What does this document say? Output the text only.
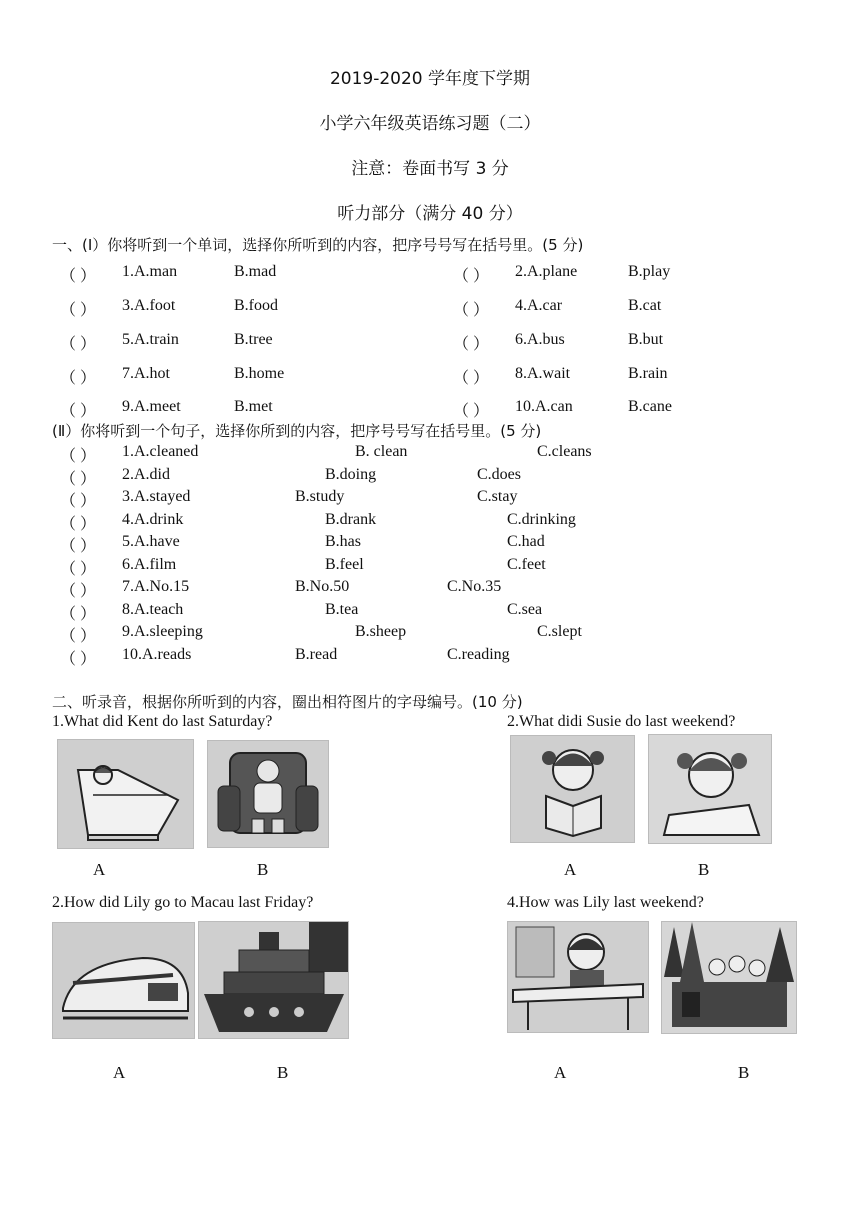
2019-2020 学年度下学期
小学六年级英语练习题（二）
注意：卷面书写 3 分
听力部分（满分 40 分）
一、(Ⅰ）你将听到一个单词，选择你所听到的内容，把序号号写在括号里。(5 分)
（ ） 1.A.man	B.mad	（ ） 2.A.plane	B.play
（ ） 3.A.foot	B.food	（ ） 4.A.car	B.cat
（ ） 5.A.train	B.tree	（ ） 6.A.bus	B.but
（ ） 7.A.hot	B.home	（ ） 8.A.wait	B.rain
（ ） 9.A.meet	B.met	（ ） 10.A.can	B.cane
(Ⅱ）你将听到一个句子，选择你所到的内容，把序号号写在括号里。(5 分)
（ ） 1.A.cleaned	B. clean	C.cleans
（ ） 2.A.did	B.doing	C.does
（ ） 3.A.stayed	B.study	C.stay
（ ） 4.A.drink	B.drank	C.drinking
（ ） 5.A.have	B.has	C.had
（ ） 6.A.film	B.feel	C.feet
（ ） 7.A.No.15	B.No.50	C.No.35
（ ） 8.A.teach	B.tea	C.sea
（ ） 9.A.sleeping	B.sheep	C.slept
（ ） 10.A.reads	B.read	C.reading
二、听录音，根据你所听到的内容，圈出相符图片的字母编号。(10 分)
1.What did Kent do last Saturday?	2.What didi Susie do last weekend?
A	B	A	B
2.How did Lily go to Macau last Friday?	4.How was Lily last weekend?
A	B	A	B
